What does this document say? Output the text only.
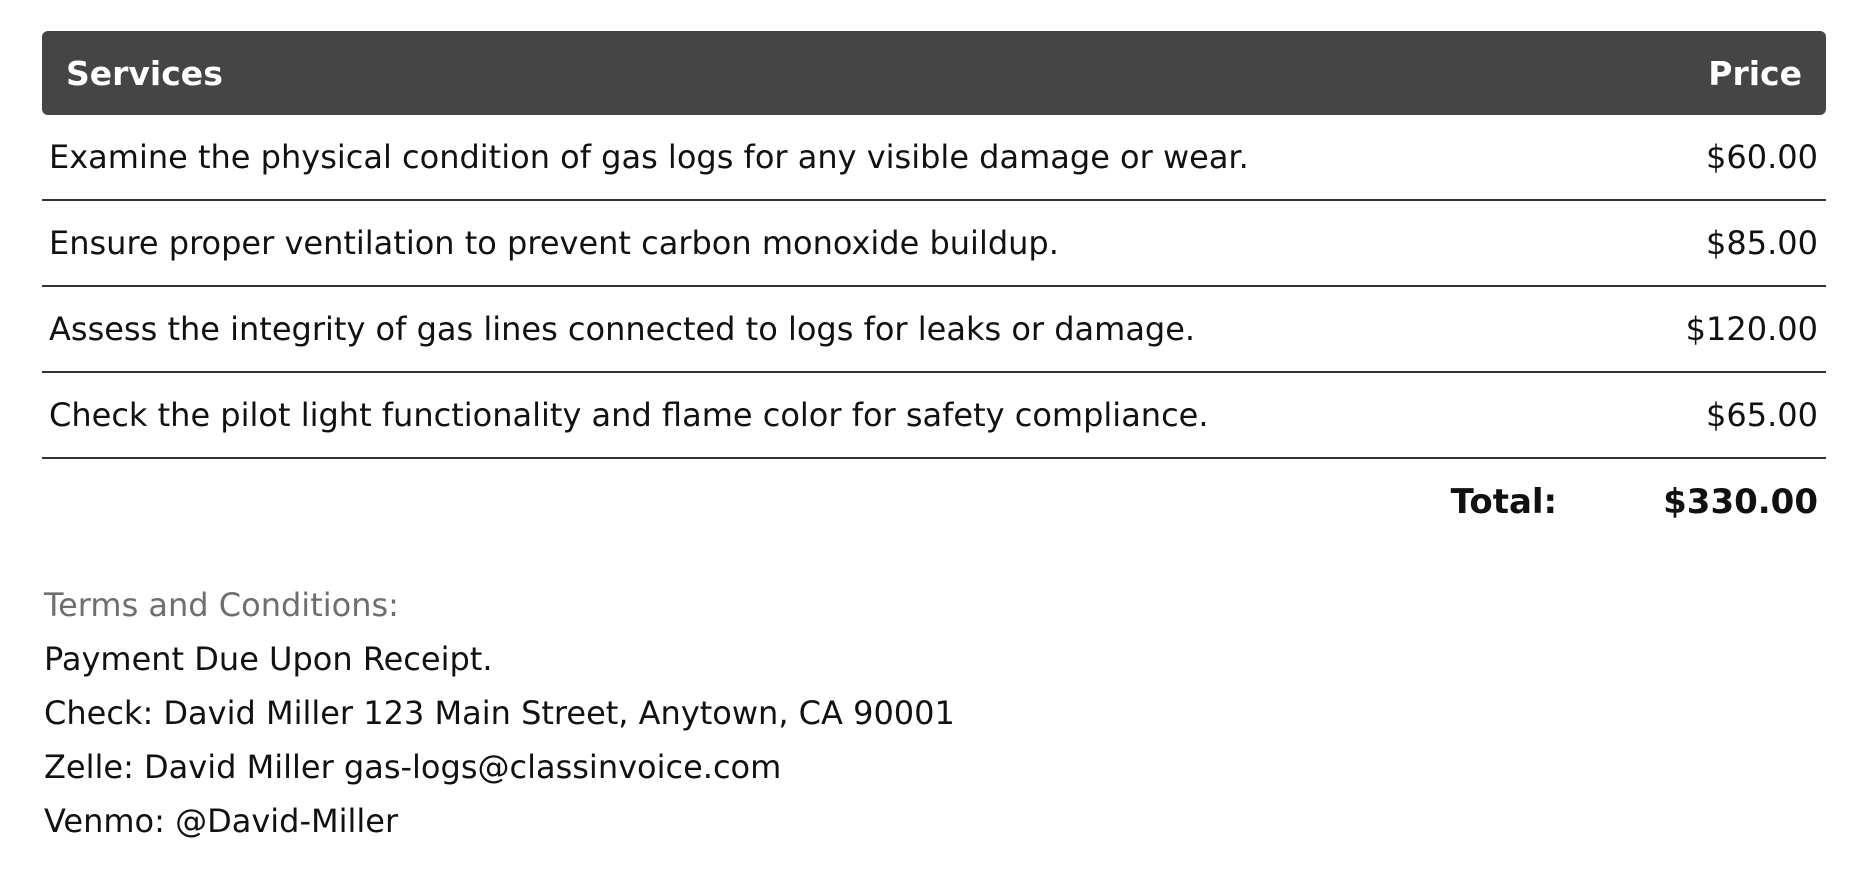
Services	Price
Examine the physical condition of gas logs for any visible damage or wear.	$60.00
Ensure proper ventilation to prevent carbon monoxide buildup.	$85.00
Assess the integrity of gas lines connected to logs for leaks or damage.	$120.00
Check the pilot light functionality and flame color for safety compliance.	$65.00
Total:	$330.00
Terms and Conditions:
Payment Due Upon Receipt.
Check: David Miller 123 Main Street, Anytown, CA 90001
Zelle: David Miller gas-logs@classinvoice.com
Venmo: @David-Miller
